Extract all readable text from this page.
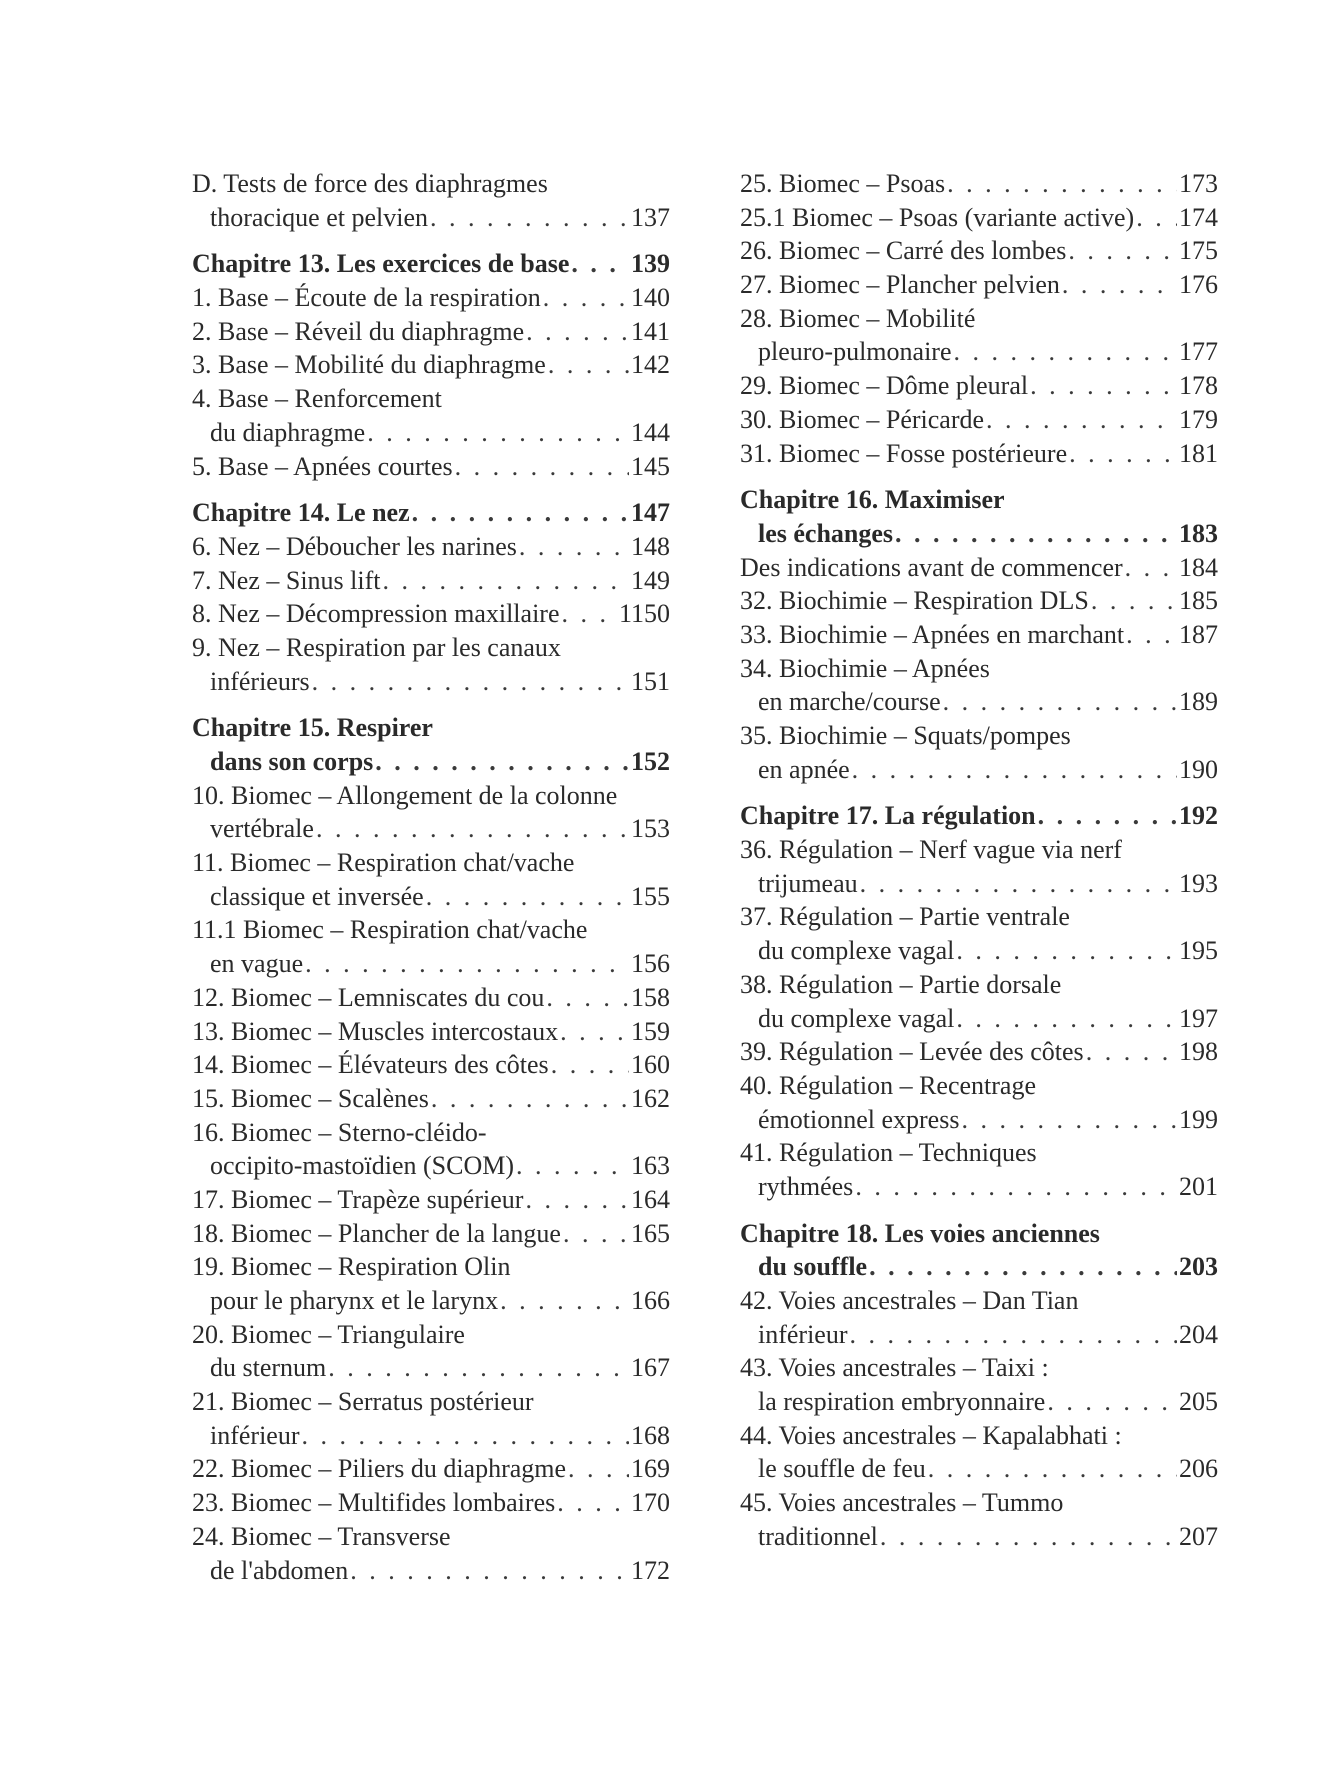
D. Tests de force des diaphragmes
thoracique et pelvien . . .	137
Chapitre 13. Les exercices de base . . . 139
1. Base – Écoute de la respiration . . .	140
2. Base – Réveil du diaphragme . . .	141
3. Base – Mobilité du diaphragme . . .	142
4. Base – Renforcement
du diaphragme . . .	144
5. Base – Apnées courtes . . .	145
Chapitre 14. Le nez . . .	147
6. Nez – Déboucher les narines . . .	148
7. Nez – Sinus lift . . .	149
8. Nez – Décompression maxillaire . . . 1150
9. Nez – Respiration par les canaux
inférieurs . . .	151
Chapitre 15. Respirer
dans son corps . . .	152
10. Biomec – Allongement de la colonne
vertébrale . . .	153
11. Biomec – Respiration chat/vache
classique et inversée . . .	155
11.1 Biomec – Respiration chat/vache
en vague . . .	156
12. Biomec – Lemniscates du cou . . .	158
13. Biomec – Muscles intercostaux . . .	159
14. Biomec – Élévateurs des côtes . . .	160
15. Biomec – Scalènes . . .	162
16. Biomec – Sterno-cléido-
occipito-mastoïdien (SCOM) . . .	163
17. Biomec – Trapèze supérieur . . .	164
18. Biomec – Plancher de la langue . . .	165
19. Biomec – Respiration Olin
pour le pharynx et le larynx . . .	166
20. Biomec – Triangulaire
du sternum . . .	167
21. Biomec – Serratus postérieur
inférieur . . .	168
22. Biomec – Piliers du diaphragme . . . 169
23. Biomec – Multifides lombaires . . .	170
24. Biomec – Transverse
de l'abdomen . . .	172
25. Biomec – Psoas . . .	173
25.1 Biomec – Psoas (variante active) . . . 174
26. Biomec – Carré des lombes . . .	175
27. Biomec – Plancher pelvien . . .	176
28. Biomec – Mobilité
pleuro-pulmonaire . . .	177
29. Biomec – Dôme pleural . . .	178
30. Biomec – Péricarde . . .	179
31. Biomec – Fosse postérieure . . .	181
Chapitre 16. Maximiser
les échanges . . .	183
Des indications avant de commencer . . . 184
32. Biochimie – Respiration DLS . . .	185
33. Biochimie – Apnées en marchant . . . 187
34. Biochimie – Apnées
en marche/course . . .	189
35. Biochimie – Squats/pompes
en apnée . . .	190
Chapitre 17. La régulation . . .	192
36. Régulation – Nerf vague via nerf
trijumeau . . .	193
37. Régulation – Partie ventrale
du complexe vagal . . .	195
38. Régulation – Partie dorsale
du complexe vagal . . .	197
39. Régulation – Levée des côtes . . .	198
40. Régulation – Recentrage
émotionnel express . . .	199
41. Régulation – Techniques
rythmées . . .	201
Chapitre 18. Les voies anciennes
du souffle . . .	203
42. Voies ancestrales – Dan Tian
inférieur . . .	204
43. Voies ancestrales – Taixi :
la respiration embryonnaire . . .	205
44. Voies ancestrales – Kapalabhati :
le souffle de feu . . .	206
45. Voies ancestrales – Tummo
traditionnel . . .	207
